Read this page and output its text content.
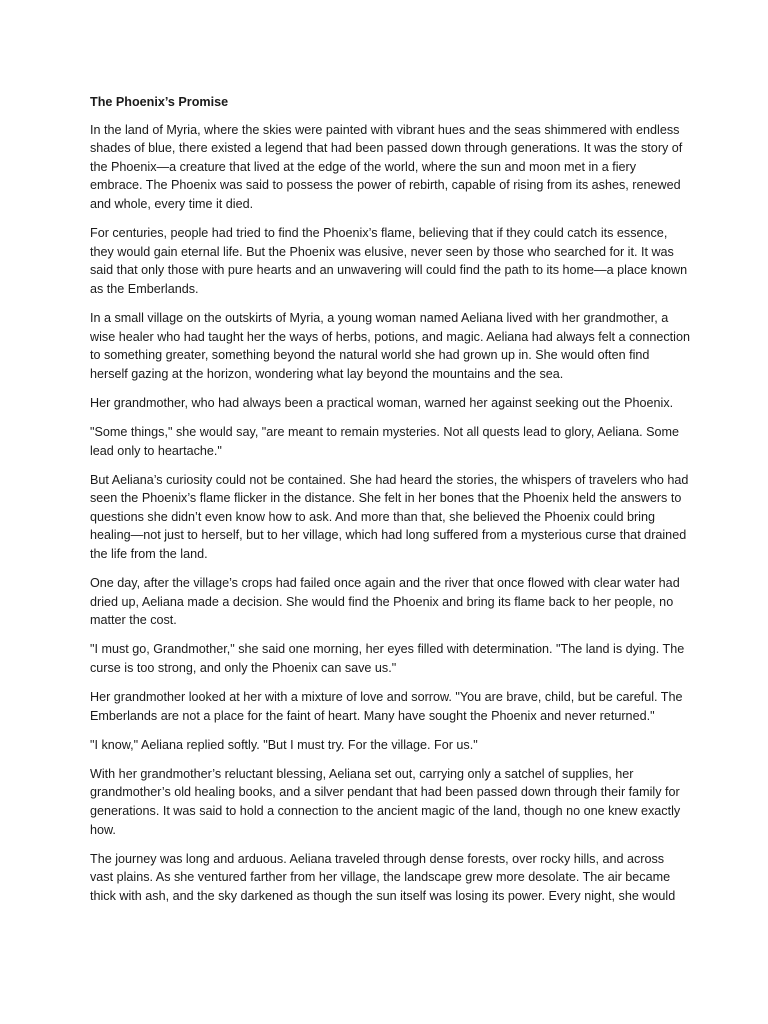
The Phoenix’s Promise

In the land of Myria, where the skies were painted with vibrant hues and the seas shimmered with endless shades of blue, there existed a legend that had been passed down through generations. It was the story of the Phoenix—a creature that lived at the edge of the world, where the sun and moon met in a fiery embrace. The Phoenix was said to possess the power of rebirth, capable of rising from its ashes, renewed and whole, every time it died.

For centuries, people had tried to find the Phoenix’s flame, believing that if they could catch its essence, they would gain eternal life. But the Phoenix was elusive, never seen by those who searched for it. It was said that only those with pure hearts and an unwavering will could find the path to its home—a place known as the Emberlands.

In a small village on the outskirts of Myria, a young woman named Aeliana lived with her grandmother, a wise healer who had taught her the ways of herbs, potions, and magic. Aeliana had always felt a connection to something greater, something beyond the natural world she had grown up in. She would often find herself gazing at the horizon, wondering what lay beyond the mountains and the sea.

Her grandmother, who had always been a practical woman, warned her against seeking out the Phoenix.

"Some things," she would say, "are meant to remain mysteries. Not all quests lead to glory, Aeliana. Some lead only to heartache."

But Aeliana’s curiosity could not be contained. She had heard the stories, the whispers of travelers who had seen the Phoenix’s flame flicker in the distance. She felt in her bones that the Phoenix held the answers to questions she didn’t even know how to ask. And more than that, she believed the Phoenix could bring healing—not just to herself, but to her village, which had long suffered from a mysterious curse that drained the life from the land.

One day, after the village’s crops had failed once again and the river that once flowed with clear water had dried up, Aeliana made a decision. She would find the Phoenix and bring its flame back to her people, no matter the cost.

"I must go, Grandmother," she said one morning, her eyes filled with determination. "The land is dying. The curse is too strong, and only the Phoenix can save us."

Her grandmother looked at her with a mixture of love and sorrow. "You are brave, child, but be careful. The Emberlands are not a place for the faint of heart. Many have sought the Phoenix and never returned."

"I know," Aeliana replied softly. "But I must try. For the village. For us."

With her grandmother’s reluctant blessing, Aeliana set out, carrying only a satchel of supplies, her grandmother’s old healing books, and a silver pendant that had been passed down through their family for generations. It was said to hold a connection to the ancient magic of the land, though no one knew exactly how.

The journey was long and arduous. Aeliana traveled through dense forests, over rocky hills, and across vast plains. As she ventured farther from her village, the landscape grew more desolate. The air became thick with ash, and the sky darkened as though the sun itself was losing its power. Every night, she would
